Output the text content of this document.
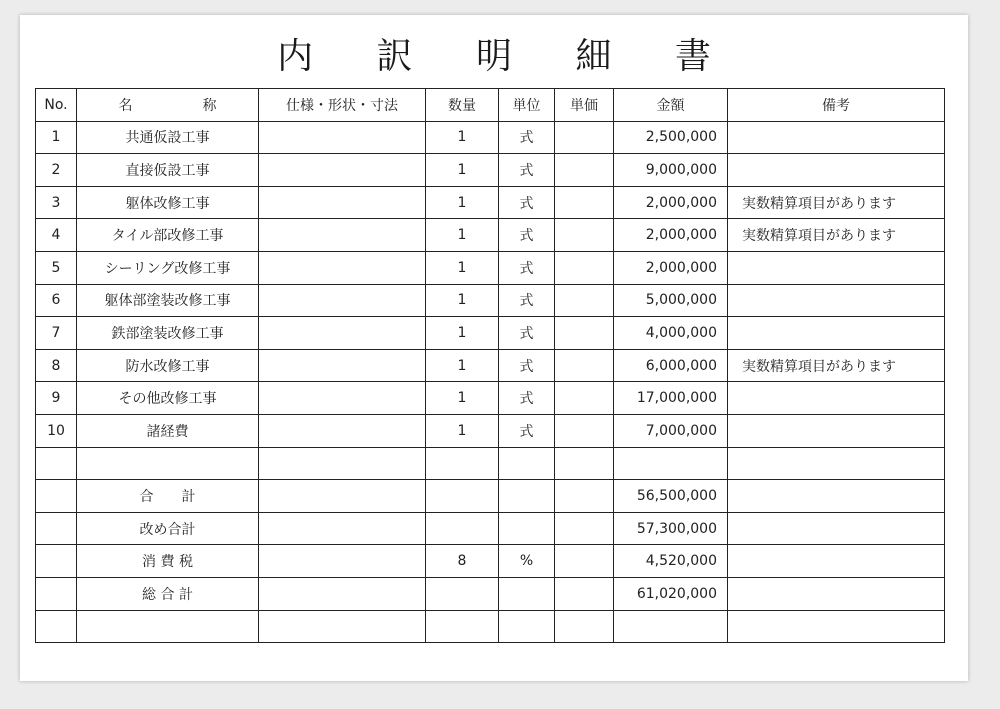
内 訳 明 細 書
No.	名　　　　　称	仕様・形状・寸法	数量	単位	単価	金額	備考
1	共通仮設工事		1	式		2,500,000	
2	直接仮設工事		1	式		9,000,000	
3	躯体改修工事		1	式		2,000,000	実数精算項目があります
4	タイル部改修工事		1	式		2,000,000	実数精算項目があります
5	シーリング改修工事		1	式		2,000,000	
6	躯体部塗装改修工事		1	式		5,000,000	
7	鉄部塗装改修工事		1	式		4,000,000	
8	防水改修工事		1	式		6,000,000	実数精算項目があります
9	その他改修工事		1	式		17,000,000	
10	諸経費		1	式		7,000,000	

	合　　計					56,500,000	
	改め合計					57,300,000	
	消 費 税		8	%		4,520,000	
	総 合 計					61,020,000	
